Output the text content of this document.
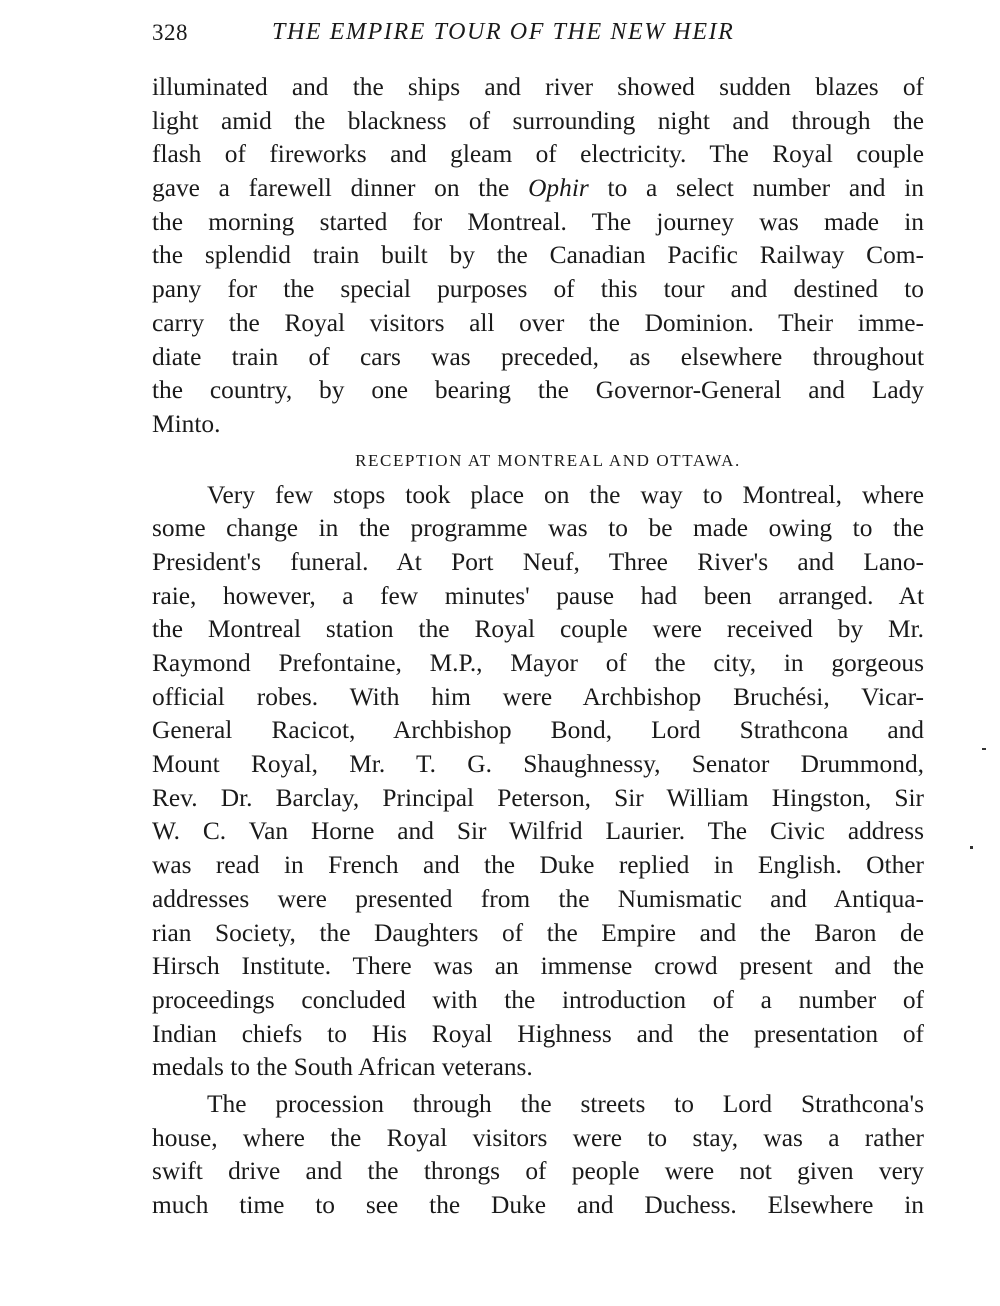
328	THE EMPIRE TOUR OF THE NEW HEIR
illuminated and the ships and river showed sudden blazes of
light amid the blackness of surrounding night and through the
flash of fireworks and gleam of electricity. The Royal couple
gave a farewell dinner on the Ophir to a select number and in
the morning started for Montreal. The journey was made in
the splendid train built by the Canadian Pacific Railway Com-
pany for the special purposes of this tour and destined to
carry the Royal visitors all over the Dominion. Their imme-
diate train of cars was preceded, as elsewhere throughout
the country, by one bearing the Governor-General and Lady
Minto.
RECEPTION AT MONTREAL AND OTTAWA.
Very few stops took place on the way to Montreal, where
some change in the programme was to be made owing to the
President's funeral. At Port Neuf, Three River's and Lano-
raie, however, a few minutes' pause had been arranged. At
the Montreal station the Royal couple were received by Mr.
Raymond Prefontaine, M.P., Mayor of the city, in gorgeous
official robes. With him were Archbishop Bruchési, Vicar-
General Racicot, Archbishop Bond, Lord Strathcona and
Mount Royal, Mr. T. G. Shaughnessy, Senator Drummond,
Rev. Dr. Barclay, Principal Peterson, Sir William Hingston, Sir
W. C. Van Horne and Sir Wilfrid Laurier. The Civic address
was read in French and the Duke replied in English. Other
addresses were presented from the Numismatic and Antiqua-
rian Society, the Daughters of the Empire and the Baron de
Hirsch Institute. There was an immense crowd present and the
proceedings concluded with the introduction of a number of
Indian chiefs to His Royal Highness and the presentation of
medals to the South African veterans.
The procession through the streets to Lord Strathcona's
house, where the Royal visitors were to stay, was a rather
swift drive and the throngs of people were not given very
much time to see the Duke and Duchess. Elsewhere in
